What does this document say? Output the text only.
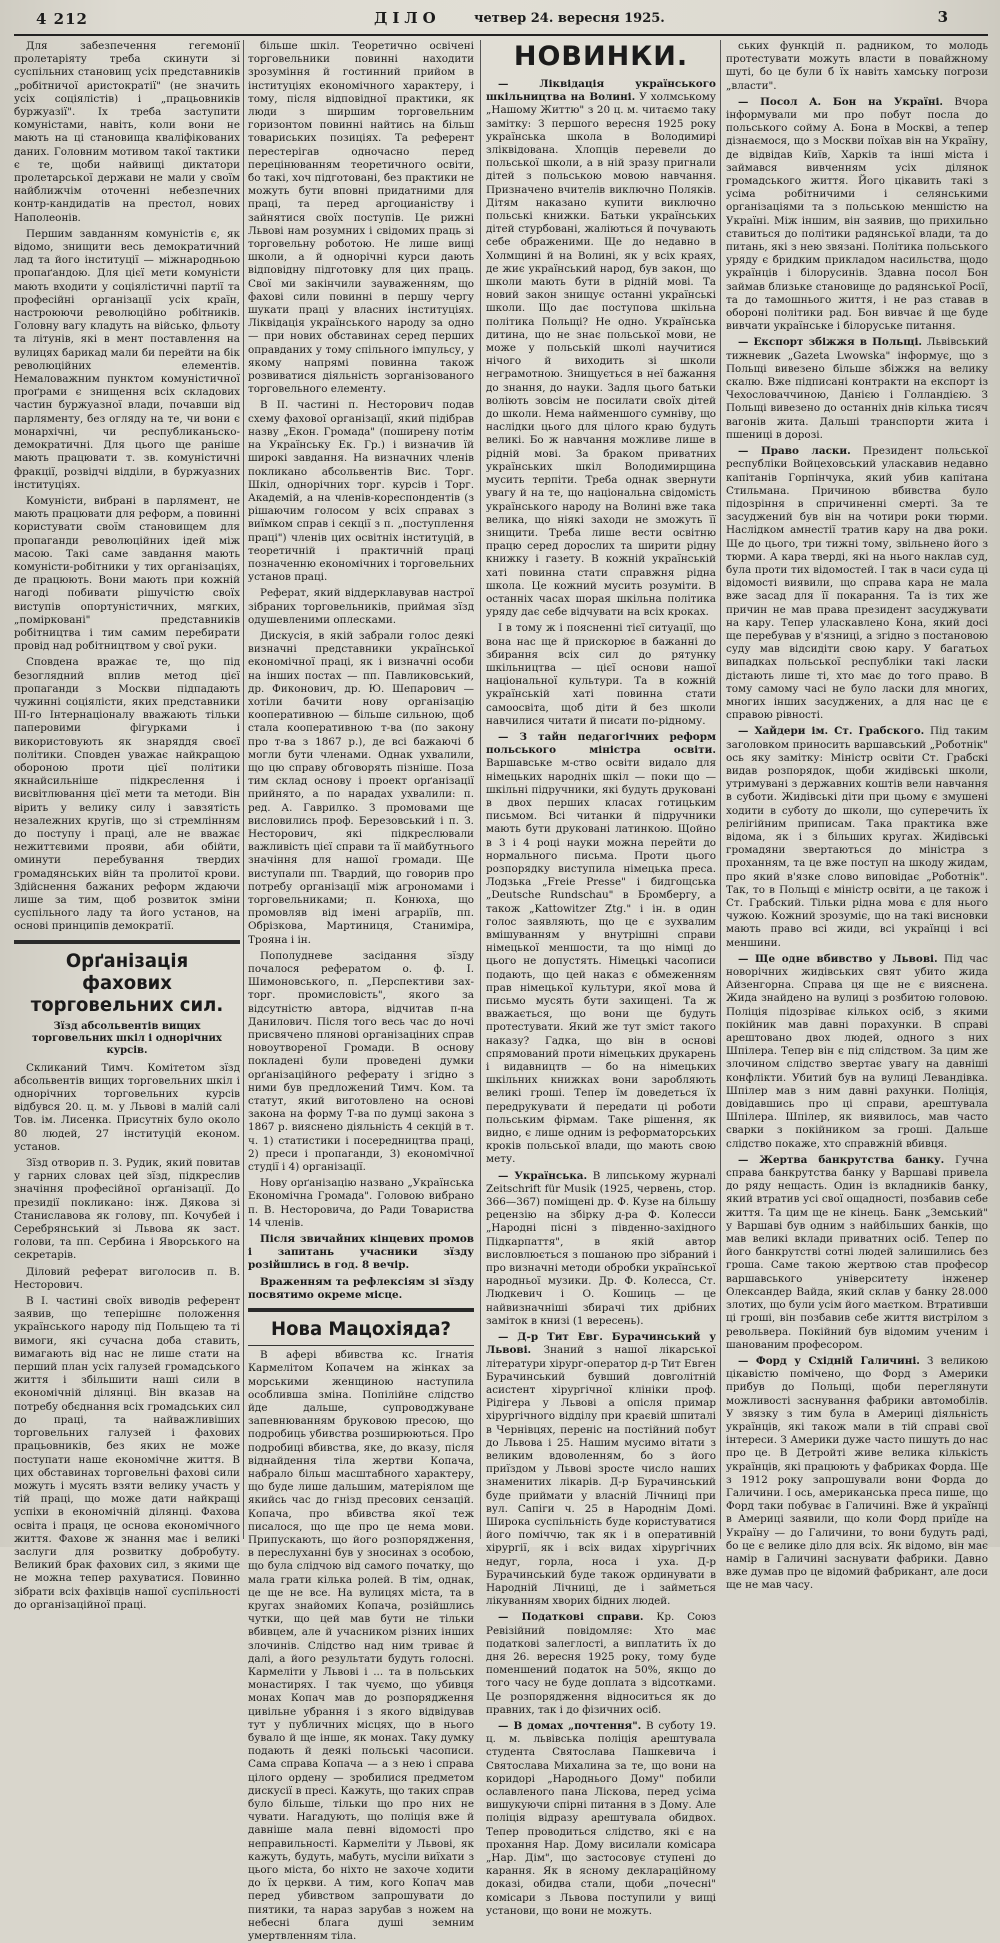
4 212	ДІЛО	четвер 24. вересня 1925.	3

Для забезпечення гегемонії пролетаріяту треба скинути зі суспільних становищ усіх представників „робітничої аристократії" (не значить усіх соціялістів) і „працьовників буржуазії". Іх треба заступити комуністами, навіть, коли вони не мають на ці становища кваліфікованих даних. Головним мотивом такої тактики є те, щоби найвищі диктатори пролетарської держави не мали у своїм найближчім оточенні небезпечних контр-кандидатів на престол, нових Наполеонів.

Першим завданням комуністів є, як відомо, знищити весь демократичний лад та його інституції — міжнародньою пропаґандою. Для цієї мети комуністи мають входити у соціялістичні партії та професійні організації усіх країн, настроюючи революційно робітників. Головну вагу кладуть на військо, фльоту та літунів, які в мент поставлення на вулицях барикад мали би перейти на бік революційних елементів. Немаловажним пунктом комуністичної проґрами є знищення всіх складових частин буржуазної влади, почавши від парляменту, без огляду на те, чи вони є монархічні, чи республиканьско-демократичні. Для цього ще раніше мають працювати т. зв. комуністичні фракції, розвідчі відділи, в буржуазних інституціях.

Комуністи, вибрані в парлямент, не мають працювати для реформ, а повинні користувати своїм становищем для пропаганди революційних ідей між масою. Такі саме завдання мають комуністи-робітники у тих організаціях, де працюють. Вони мають при кожній нагоді побивати рішучістю своїх виступів опортуністичних, мягких, „помірковані" представників робітництва і тим самим перебирати провід над робітництвом у свої руки.

Сповдена вражає те, що під безоглядний вплив метод цієї пропаганди з Москви підпадають чужинні соціялісти, яких представники III-го Інтернаціоналу вважають тільки паперовими фігурками і використовують як знаряддя своєї політики. Сповден уважає найкращою обороною проти цієї політики якнайсильніше підкреслення і висвітлювання цієї мети та методи. Він вірить у велику силу і завзятість незалежних кругів, що зі стремлінням до поступу і праці, але не вважає нежиттєвими прояви, аби обійти, оминути перебування твердих громадянських війн та пролитої крови. Здійснення бажаних реформ ждаючи лише за тим, щоб розвиток зміни суспільного ладу та його установ, на основі принципів демократії.

Орґанізація фахових торговельних сил.
Зїзд абсольвентів вищих торговельних шкіл і однорічних курсів.

Скликаний Тимч. Комітетом зїзд абсольвентів вищих торговельних шкіл і однорічних торговельних курсів відбувся 20. ц. м. у Львові в малій салі Тов. ім. Лисенка. Присутніх було около 80 людей, 27 інституцій економ. установ.

Зїзд отворив п. З. Рудик, який повитав у гарних словах цей зїзд, підкреслив значіння професійної орґанізації. До президії покликано: інж. Дякова зі Станиславова як голову, пп. Кочубей і Серебрянський зі Львова як заст. голови, та пп. Сербина і Яворського на секретарів.

Діловий реферат виголосив п. В. Несторович.

В I. частині своїх виводів референт заявив, що теперішнє положення українського народу під Польщею та ті вимоги, які сучасна доба ставить, вимагають від нас не лише стати на перший план усіх галузей громадського життя і збільшити наші сили в економічній ділянці. Він вказав на потребу обєднання всіх громадських сил до праці, та найважливіших торговельних галузей і фахових працьовників, без яких не може поступати наше економічне життя. В цих обставинах торговельні фахові сили можуть і мусять взяти велику участь у тій праці, що може дати найкращі успіхи в економічній ділянці. Фахова освіта і праця, це основа економічного життя. Фахове ж знання має і великі заслуги для розвитку добробуту. Великий брак фахових сил, з якими ще не можна тепер рахуватися. Повинно зібрати всіх фахівців нашої суспільності до організаційної праці.

більше шкіл. Теоретично освічені торговельники повинні находити зрозуміння й гостинний прийом в інституціях економічного характеру, і тому, після відповідної практики, як люди з ширшим торговельним горизонтом повинні найтись на більш товариських позиціях. Та референт перестерігав одночасно перед перецінюванням теоретичного освіти, бо такі, хоч підготовані, без практики не можуть бути вповні придатними для праці, та перед аргоцианіству і зайнятися своїх поступів. Це рижні Львові нам розумних і свідомих праць зі торговельну роботою. Не лише вищі школи, а й однорічні курси дають відповідну підготовку для цих праць. Свої ми закінчили зауваженням, що фахові сили повинні в першу чергу шукати праці у власних інституціях. Ліквідація українського народу за одно — при нових обставинах серед перших оправданих у тому спільного імпульсу, у якому напрямі повинна також розвиватися діяльність зорганізованого торговельного елементу.

В II. частині п. Несторович подав схему фахової організації, який підібрав назву „Екон. Громада" (поширену потім на Українську Ек. Гр.) і визначив їй широкі завдання. На визначних членів покликано абсольвентів Вис. Торг. Шкіл, однорічних торг. курсів і Торг. Академій, а на членів-кореспондентів (з рішаючим голосом у всіх справах з виїмком справ і секції з п. „поступлення праці") членів цих освітніх інституцій, в теоретичній і практичній праці позначенню економічних і торговельних установ праці.

Реферат, який віддерклавував настрої зібраних торговельників, приймая зїзд одушевленими оплесками.

Дискусія, в якій забрали голос деякі визначні представники української економічної праці, як і визначні особи на інших постах — пп. Павликовський, др. Фиконович, др. Ю. Шепарович — хотіли бачити нову організацію кооперативною — більше сильною, щоб стала кооперативною т-ва (по закону про т-ва з 1867 р.), де всі бажаючі б могли бути членами. Однак ухвалили, що цю справу обговорять пізніше. Поза тим склад основу і проект орґанізації прийнято, а по нарадах ухвалили: п. ред. А. Гаврилко. З промовами ще висловились проф. Березовський і п. З. Несторович, які підкреслювали важливість цієї справи та її майбутнього значіння для нашої громади. Ще виступали пп. Твардий, що говорив про потребу організації між агрономами і торговельниками; п. Конюха, що промовляв від імені аграріїв, пп. Обрізкова, Мартиниця, Станиміра, Трояна і ін.

Пополудневе засідання зїзду почалося рефератом о. ф. І. Шимоновського, п. „Перспективи зах-торг. промисловість", якого за відсутністю автора, відчитав п-на Данилович. Після того весь час до ночі присвячено плянові організаціних справ новоутвореної Громади. В основу покладені були проведені думки орґанізаційного реферату і згідно з ними був предложений Тимч. Ком. та статут, який виготовлено на основі закона на форму Т-ва по думці закона з 1867 р. вияснено діяльність 4 секцій в т. ч. 1) статистики і посередництва праці, 2) преси і пропаганди, 3) економічної студії і 4) організації.

Нову орґанізацію названо „Українська Економічна Громада". Головою вибрано п. В. Несторовича, до Ради Товариства 14 членів.

Після звичайних кінцевих промов і запитань учасники зїзду розійшлись в год. 8 вечір.

Враженням та рефлексіям зі зїзду посвятимо окреме місце.

Нова Мацохіяда?

В афері вбивства кс. Ігнатія Кармелітом Копачем на жінках за морськими женщиною наступила особливша зміна. Попілійне слідство йде дальше, супроводжуване запевнюванням бруковою пресою, що подробиць убивства розширюються. Про подробиці вбивства, яке, до вказу, після віднайдення тіла жертви Копача, набрало більш масштабного характеру, що буде лише дальшим, матеріялом ще якийсь час до гнізд пресових сензацій. Копача, про вбивства якої теж писалося, що ще про це нема мови. Припускають, що його розпорядження, в переслуханні був у зносинах з особою, що була слідчою від самого початку, що мала грати кілька ролей. В тім, однак, це ще не все. На вулицях міста, та в кругах знайомих Копача, розійшлись чутки, що цей мав бути не тільки вбивцем, але й учасником різних інших злочинів. Слідство над ним триває й далі, а його результати будуть голосні. Кармеліти у Львові і ... та в польських монастирях. І так чуємо, що убивця монах Копач мав до розпорядження цивільне убрання і з якого відвідував тут у публичних місцях, що в нього бувало й ще інше, як монах. Таку думку подають й деякі польські часописи. Сама справа Копача — а з нею і справа цілого ордену — зробилися предметом дискусії в пресі. Кажуть, що таких справ було більше, тільки що про них не чувати. Нагадують, що поліція вже й давніше мала певні відомості про неправильності. Кармеліти у Львові, як кажуть, будуть, мабуть, мусіли виїхати з цього міста, бо ніхто не захоче ходити до їх церкви. А тим, кого Копач мав перед убивством запрошувати до пиятики, та нараз зарубав з ножем на небесні блага душі земним умертвленням тіла.

НОВИНКИ.

— Ліквідація українського шкільництва на Волині. У холмському „Нашому Життю" з 20 ц. м. читаємо таку замітку: З першого вересня 1925 року українська школа в Володимирі зліквідована. Хлопців перевели до польської школи, а в ній зразу пригнали дітей з польською мовою навчання. Призначено вчителів виключно Поляків. Дітям наказано купити виключно польські книжки. Батьки українських дітей стурбовані, жаліються й почувають себе ображеними. Ще до недавно в Холмщині й на Волині, як у всіх краях, де жиє український народ, був закон, що школи мають бути в рідній мові. Та новий закон знищує останні українські школи. Що дає поступова шкільна політика Польщі? Не одно. Українська дитина, що не знає польської мови, не може у польській школі научитися нічого й виходить зі школи неграмотною. Знищується в неї бажання до знання, до науки. Задля цього батьки воліють зовсім не посилати своїх дітей до школи. Нема найменшого сумніву, що наслідки цього для цілого краю будуть великі. Бо ж навчання можливе лише в рідній мові. За браком приватних українських шкіл Володимирщина мусить терпіти. Треба однак звернути увагу й на те, що національна свідомість українського народу на Волині вже така велика, що ніякі заходи не зможуть її знищити. Треба лише вести освітню працю серед дорослих та ширити рідну книжку і газету. В кожній українській хаті повинна стати справжня рідна школа. Це кожний мусить розуміти. В останніх часах шорая шкільна політика уряду дає себе відчувати на всіх кроках.

І в тому ж і поясненні тієї ситуації, що вона нас ще й прискорює в бажанні до збирання всіх сил до рятунку шкільництва — цієї основи нашої національної культури. Та в кожній українській хаті повинна стати самоосвіта, щоб діти й без школи навчилися читати й писати по-рідному.

— З тайн педагогічних реформ польського міністра освіти. Варшавське м-ство освіти видало для німецьких народніх шкіл — поки що — шкільні підручники, які будуть друковані в двох перших класах готицьким письмом. Всі читанки й підручники мають бути друковані латинкою. Щойно в 3 і 4 році науки можна перейти до нормального письма. Проти цього розпорядку виступила німецька преса. Лодзька „Freie Presse" і бидгощська „Deutsche Rundschau" в Бромбергу, а також „Kattowitzer Ztg." і ін. в один голос заявляють, що це є зухвалим вмішуванням у внутрішні справи німецької меншости, та що німці до цього не допустять. Німецькі часописи подають, що цей наказ є обмеженням прав німецької культури, якої мова й письмо мусять бути захищені. Та ж вважається, що вони ще будуть протестувати. Який же тут зміст такого наказу? Гадка, що він в основі спрямований проти німецьких друкарень і видавництв — бо на німецьких шкільних книжках вони заробляють великі гроші. Тепер їм доведеться їх передрукувати й передати ці роботи польським фірмам. Таке рішення, як видно, є лише одним із реформаторських кроків польської влади, що мають свою мету.

— Українська. В липському журналі Zeitschrift für Musik (1925, червень, стор. 366—367) поміщені др. Ф. Кузе на більшу рецензію на збірку д-ра Ф. Колесси „Народні пісні з південно-західного Підкарпаття", в якій автор висловлюється з пошаною про зібраний і про визначні методи обробки української народньої музики. Др. Ф. Колесса, Ст. Людкевич і О. Кошиць — це найвизначніші збирачі тих дрібних заміток в книзі (1 вересень).

— Д-р Тит Евг. Бурачинський у Львові. Знаний з нашої лікарської літератури хірург-оператор д-р Тит Евген Бурачинський бувший довголітній асистент хірургічної клініки проф. Рідігера у Львові а опісля примар хірургічного відділу при краєвій шпиталі в Чернівцях, переніс на постійний побут до Львова і 25. Нашим мусимо вітати з великим вдоволенням, бо з його приїздом у Львові зросте число наших знаменитих лікарів. Д-р Бурачинський буде приймати у власній Лічниці при вул. Сапіги ч. 25 в Народнім Домі. Широка суспільність буде користуватися його поміччю, так як і в оперативній хірургії, як і всіх видах хірургічних недуг, горла, носа і уха. Д-р Бурачинський буде також ординувати в Народній Лічниці, де і займеться лікуванням хворих бідних людей.

— Податкові справи. Кр. Союз Ревізійний повідомляє: Хто має податкові залеглості, а виплатить їх до дня 26. вересня 1925 року, тому буде поменшений податок на 50%, якщо до того часу не буде доплата з відсотками. Це розпорядження відноситься як до правних, так і до фізичних осіб.

— В домах „почтення". В суботу 19. ц. м. львівська поліція арештувала студента Святослава Пашкевича і Святослава Михалина за те, що вони на коридорі „Народнього Дому" побили ославленого пана Ліскова, перед усіма вишукуючи спірні питання в з Дому. Але поліція відразу арештувала обидвох. Тепер проводиться слідство, які є на прохання Нар. Дому висилали комісара „Нар. Дім", що застосовує ступені до карання. Як в ясному деклараційному доказі, обидва стали, щоби „почесні" комісари з Львова поступили у вищі установи, що вони не можуть.

ських функцій п. радником, то молодь протестувати можуть власти в повайжному шуті, бо це були б їх навіть хамську погрози „власти".

— Посол А. Бон на Україні. Вчора інформували ми про побут посла до польського сойму А. Бона в Москві, а тепер дізнаємося, що з Москви поїхав він на Україну, де відвідав Київ, Харків та інші міста і займався вивченням усіх ділянок громадського життя. Його цікавить такі з усіма робітничими і селянськими організаціями та з польською меншістю на Україні. Між іншим, він заявив, що прихильно ставиться до політики радянської влади, та до питань, які з нею звязані. Політика польського уряду є бридким прикладом насильства, щодо українців і білорусинів. Здавна посол Бон займав близьке становище до радянської Росії, та до тамошнього життя, і не раз ставав в обороні політики рад. Бон вивчає й ще буде вивчати українське і білоруське питання.

— Експорт збіжжя в Польщі. Львівський тижневик „Gazeta Lwowska" інформує, що з Польщі вивезено більше збіжжя на велику скалю. Вже підписані контракти на експорт із Чехословаччиною, Данією і Голландією. З Польщі вивезено до останніх днів кілька тисяч вагонів жита. Дальші транспорти жита і пшениці в дорозі.

— Право ласки. Президент польської республіки Войцеховський уласкавив недавно капітанів Горпінчука, який убив капітана Стильмана. Причиною вбивства було підозріння в спричиненні смерті. За те засуджений був він на чотири роки тюрми. Наслідком амнестії тратив кару на два роки. Ще до цього, три тижні тому, звільнено його з тюрми. А кара тверді, які на нього наклав суд, була проти тих відомостей. І так в часи суда ці відомості виявили, що справа кара не мала вже засад для її покарання. Та із тих же причин не мав права президент засуджувати на кару. Тепер уласкавлено Кона, який досі ще перебував у в'язниці, а згідно з постановою суду мав відсидіти свою кару. У багатьох випадках польської республіки такі ласки дістають лише ті, хто має до того право. В тому самому часі не було ласки для многих, многих інших засуджених, а для нас це є справою рівності.

— Хайдери ім. Ст. Грабского. Під таким заголовком приносить варшавський „Роботнік" ось яку замітку: Міністр освіти Ст. Грабскі видав розпорядок, щоби жидівські школи, утримувані з державних коштів вели навчання в суботи. Жидівські діти при цьому є змушені ходити в суботу до школи, що суперечить їх релігійним приписам. Така практика вже відома, як і з більших кругах. Жидівські громадяни звертаються до міністра з проханням, та це вже поступ на шкоду жидам, про який в'язке слово виповідає „Роботнік". Так, то в Польщі є міністр освіти, а це також і Ст. Грабский. Тільки рідна мова є для нього чужою. Кожний зрозуміє, що на такі висновки мають право всі жиди, всі українці і всі меншини.

— Ще одне вбивство у Львові. Під час новорічних жидівських свят убито жида Айзенгорна. Справа ця ще не є вияснена. Жида знайдено на вулиці з розбитою головою. Поліція підозріває кількох осіб, з якими покійник мав давні порахунки. В справі арештовано двох людей, одного з них Шпілера. Тепер він є під слідством. За цим же злочином слідство звертає увагу на давніші конфлікти. Убитий був на вулиці Левандівка. Шпілер мав з ним давні рахунки. Поліція, довідавшись про ці справи, арештувала Шпілера. Шпілер, як виявилось, мав часто сварки з покійником за гроші. Дальше слідство покаже, хто справжній вбивця.

— Жертва банкрутства банку. Гучна справа банкрутства банку у Варшаві привела до ряду нещасть. Один із вкладників банку, який втратив усі свої ощадності, позбавив себе життя. Та цим ще не кінець. Банк „Земський" у Варшаві був одним з найбільших банків, що мав великі вклади приватних осіб. Тепер по його банкрутстві сотні людей залишились без гроша. Саме такою жертвою став професор варшавського університету інженер Олександер Вайда, який склав у банку 28.000 злотих, що були усім його маєтком. Втративши ці гроші, він позбавив себе життя вистрілом з револьвера. Покійний був відомим ученим і шанованим професором.

— Форд у Східній Галичині. З великою цікавістю помічено, що Форд з Америки прибув до Польщі, щоби переглянути можливості заснування фабрики автомобілів. У звязку з тим була в Америці діяльність українців, які також мали в тій справі свої інтереси. З Америки дуже часто пишуть до нас про це. В Детройті живе велика кількість українців, які працюють у фабриках Форда. Ще з 1912 року запрошували вони Форда до Галичини. І ось, американська преса пише, що Форд таки побуває в Галичині. Вже й українці в Америці заявили, що коли Форд приїде на Україну — до Галичини, то вони будуть раді, бо це є велике діло для всіх. Як відомо, він має намір в Галичині заснувати фабрики. Давно вже думав про це відомий фабрикант, але доси ще не мав часу.
